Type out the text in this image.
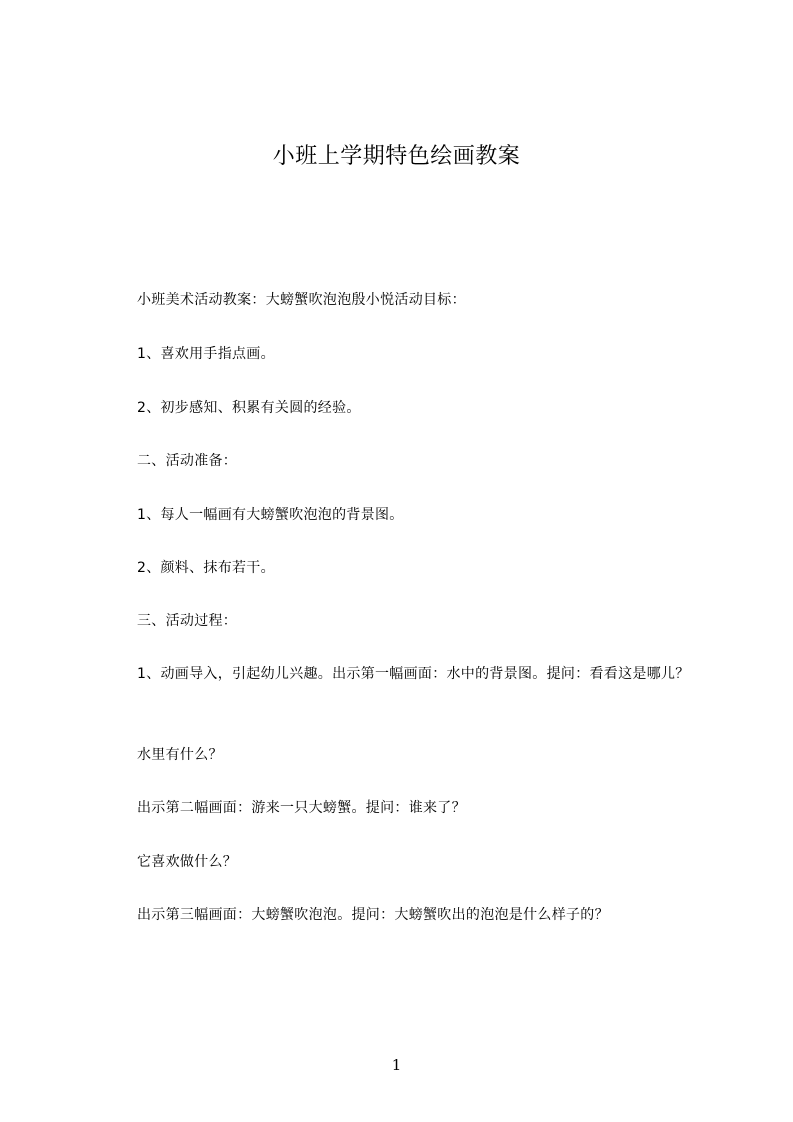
小班上学期特色绘画教案
小班美术活动教案：大螃蟹吹泡泡殷小悦活动目标：
1、喜欢用手指点画。
2、初步感知、积累有关圆的经验。
二、活动准备：
1、每人一幅画有大螃蟹吹泡泡的背景图。
2、颜料、抹布若干。
三、活动过程：
1、动画导入，引起幼儿兴趣。出示第一幅画面：水中的背景图。提问：看看这是哪儿？
水里有什么？
出示第二幅画面：游来一只大螃蟹。提问：谁来了？
它喜欢做什么？
出示第三幅画面：大螃蟹吹泡泡。提问：大螃蟹吹出的泡泡是什么样子的？
1
